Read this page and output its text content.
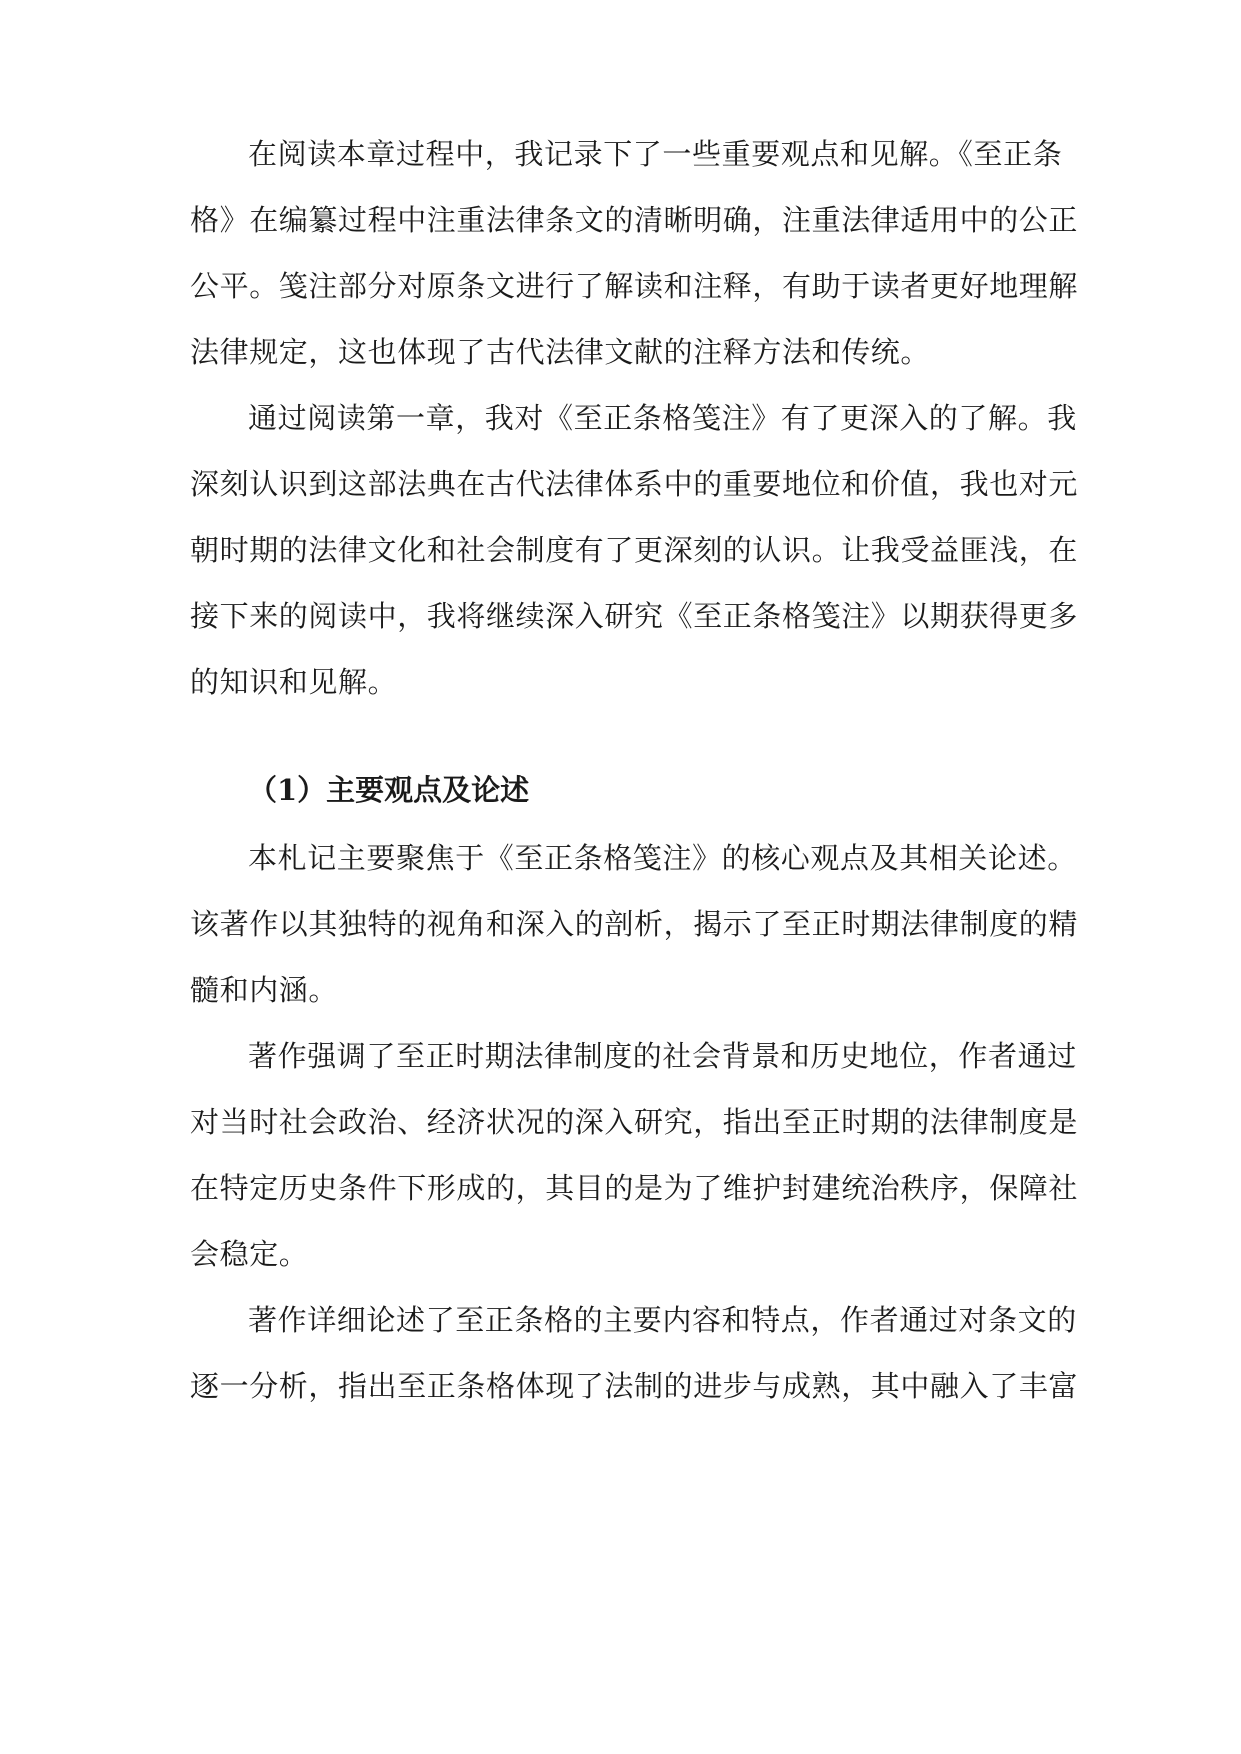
在阅读本章过程中，我记录下了一些重要观点和见解。《至正条
格》在编纂过程中注重法律条文的清晰明确，注重法律适用中的公正
公平。笺注部分对原条文进行了解读和注释，有助于读者更好地理解
法律规定，这也体现了古代法律文献的注释方法和传统。
通过阅读第一章，我对《至正条格笺注》有了更深入的了解。我
深刻认识到这部法典在古代法律体系中的重要地位和价值，我也对元
朝时期的法律文化和社会制度有了更深刻的认识。让我受益匪浅，在
接下来的阅读中，我将继续深入研究《至正条格笺注》以期获得更多
的知识和见解。
（1）主要观点及论述
本札记主要聚焦于《至正条格笺注》的核心观点及其相关论述。
该著作以其独特的视角和深入的剖析，揭示了至正时期法律制度的精
髓和内涵。
著作强调了至正时期法律制度的社会背景和历史地位，作者通过
对当时社会政治、经济状况的深入研究，指出至正时期的法律制度是
在特定历史条件下形成的，其目的是为了维护封建统治秩序，保障社
会稳定。
著作详细论述了至正条格的主要内容和特点，作者通过对条文的
逐一分析，指出至正条格体现了法制的进步与成熟，其中融入了丰富
